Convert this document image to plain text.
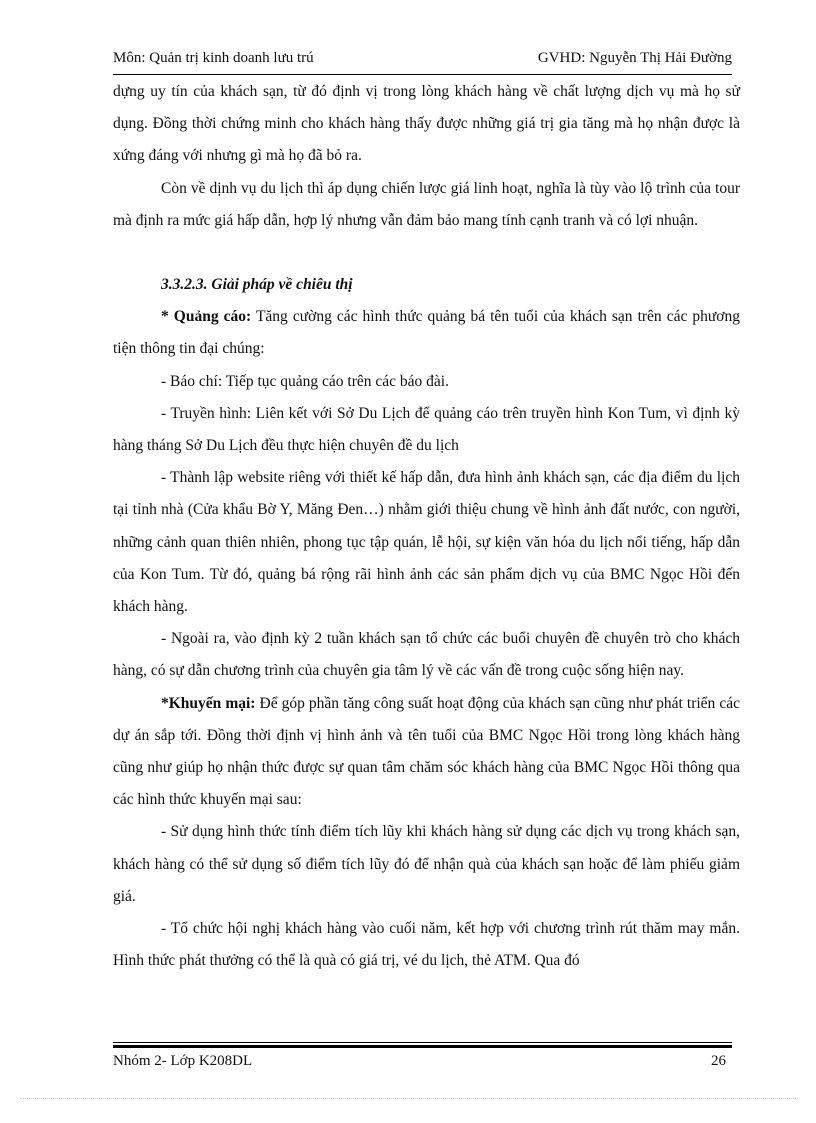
Môn: Quản trị kinh doanh lưu trú	GVHD: Nguyễn Thị Hải Đường

dựng uy tín của khách sạn, từ đó định vị trong lòng khách hàng về chất lượng dịch vụ mà họ sử dụng. Đồng thời chứng minh cho khách hàng thấy được những giá trị gia tăng mà họ nhận được là xứng đáng với nhưng gì mà họ đã bỏ ra.

Còn về dịnh vụ du lịch thì áp dụng chiến lược giá linh hoạt, nghĩa là tùy vào lộ trình của tour mà định ra mức giá hấp dẫn, hợp lý nhưng vẫn đảm bảo mang tính cạnh tranh và có lợi nhuận.

3.3.2.3. Giải pháp về chiêu thị

* Quảng cáo: Tăng cường các hình thức quảng bá tên tuổi của khách sạn trên các phương tiện thông tin đại chúng:

- Báo chí: Tiếp tục quảng cáo trên các báo đài.

- Truyền hình: Liên kết với Sở Du Lịch để quảng cáo trên truyền hình Kon Tum, vì định kỳ hàng tháng Sở Du Lịch đều thực hiện chuyên đề du lịch

- Thành lập website riêng với thiết kế hấp dẫn, đưa hình ảnh khách sạn, các địa điểm du lịch tại tỉnh nhà (Cửa khẩu Bờ Y, Măng Đen…) nhằm giới thiệu chung về hình ảnh đất nước, con người, những cảnh quan thiên nhiên, phong tục tập quán, lễ hội, sự kiện văn hóa du lịch nổi tiếng, hấp dẫn của Kon Tum. Từ đó, quảng bá rộng rãi hình ảnh các sản phẩm dịch vụ của BMC Ngọc Hồi đến khách hàng.

- Ngoài ra, vào định kỳ 2 tuần khách sạn tổ chức các buổi chuyên đề chuyên trò cho khách hàng, có sự dẫn chương trình của chuyên gia tâm lý về các vấn đề trong cuộc sống hiện nay.

*Khuyến mại: Để góp phần tăng công suất hoạt động của khách sạn cũng như phát triển các dự án sắp tới. Đồng thời định vị hình ảnh và tên tuổi của BMC Ngọc Hồi trong lòng khách hàng cũng như giúp họ nhận thức được sự quan tâm chăm sóc khách hàng của BMC Ngọc Hồi thông qua các hình thức khuyến mại sau:

- Sử dụng hình thức tính điểm tích lũy khi khách hàng sử dụng các dịch vụ trong khách sạn, khách hàng có thể sử dụng số điểm tích lũy đó để nhận quà của khách sạn hoặc để làm phiếu giảm giá.

- Tổ chức hội nghị khách hàng vào cuối năm, kết hợp với chương trình rút thăm may mắn. Hình thức phát thưởng có thể là quà có giá trị, vé du lịch, thẻ ATM. Qua đó

Nhóm 2- Lớp K208DL	26
